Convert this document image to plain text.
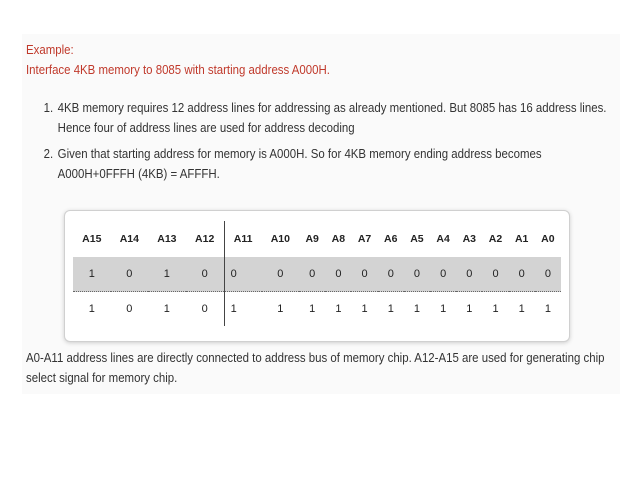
Example:
Interface 4KB memory to 8085 with starting address A000H.
1. 4KB memory requires 12 address lines for addressing as already mentioned. But 8085 has 16 address lines. Hence four of address lines are used for address decoding
2. Given that starting address for memory is A000H. So for 4KB memory ending address becomes A000H+0FFFH (4KB) = AFFFH.
A15	A14	A13	A12	A11	A10	A9	A8	A7	A6	A5	A4	A3	A2	A1	A0
1	0	1	0	0	0	0	0	0	0	0	0	0	0	0	0
1	0	1	0	1	1	1	1	1	1	1	1	1	1	1	1
A0-A11 address lines are directly connected to address bus of memory chip. A12-A15 are used for generating chip select signal for memory chip.
